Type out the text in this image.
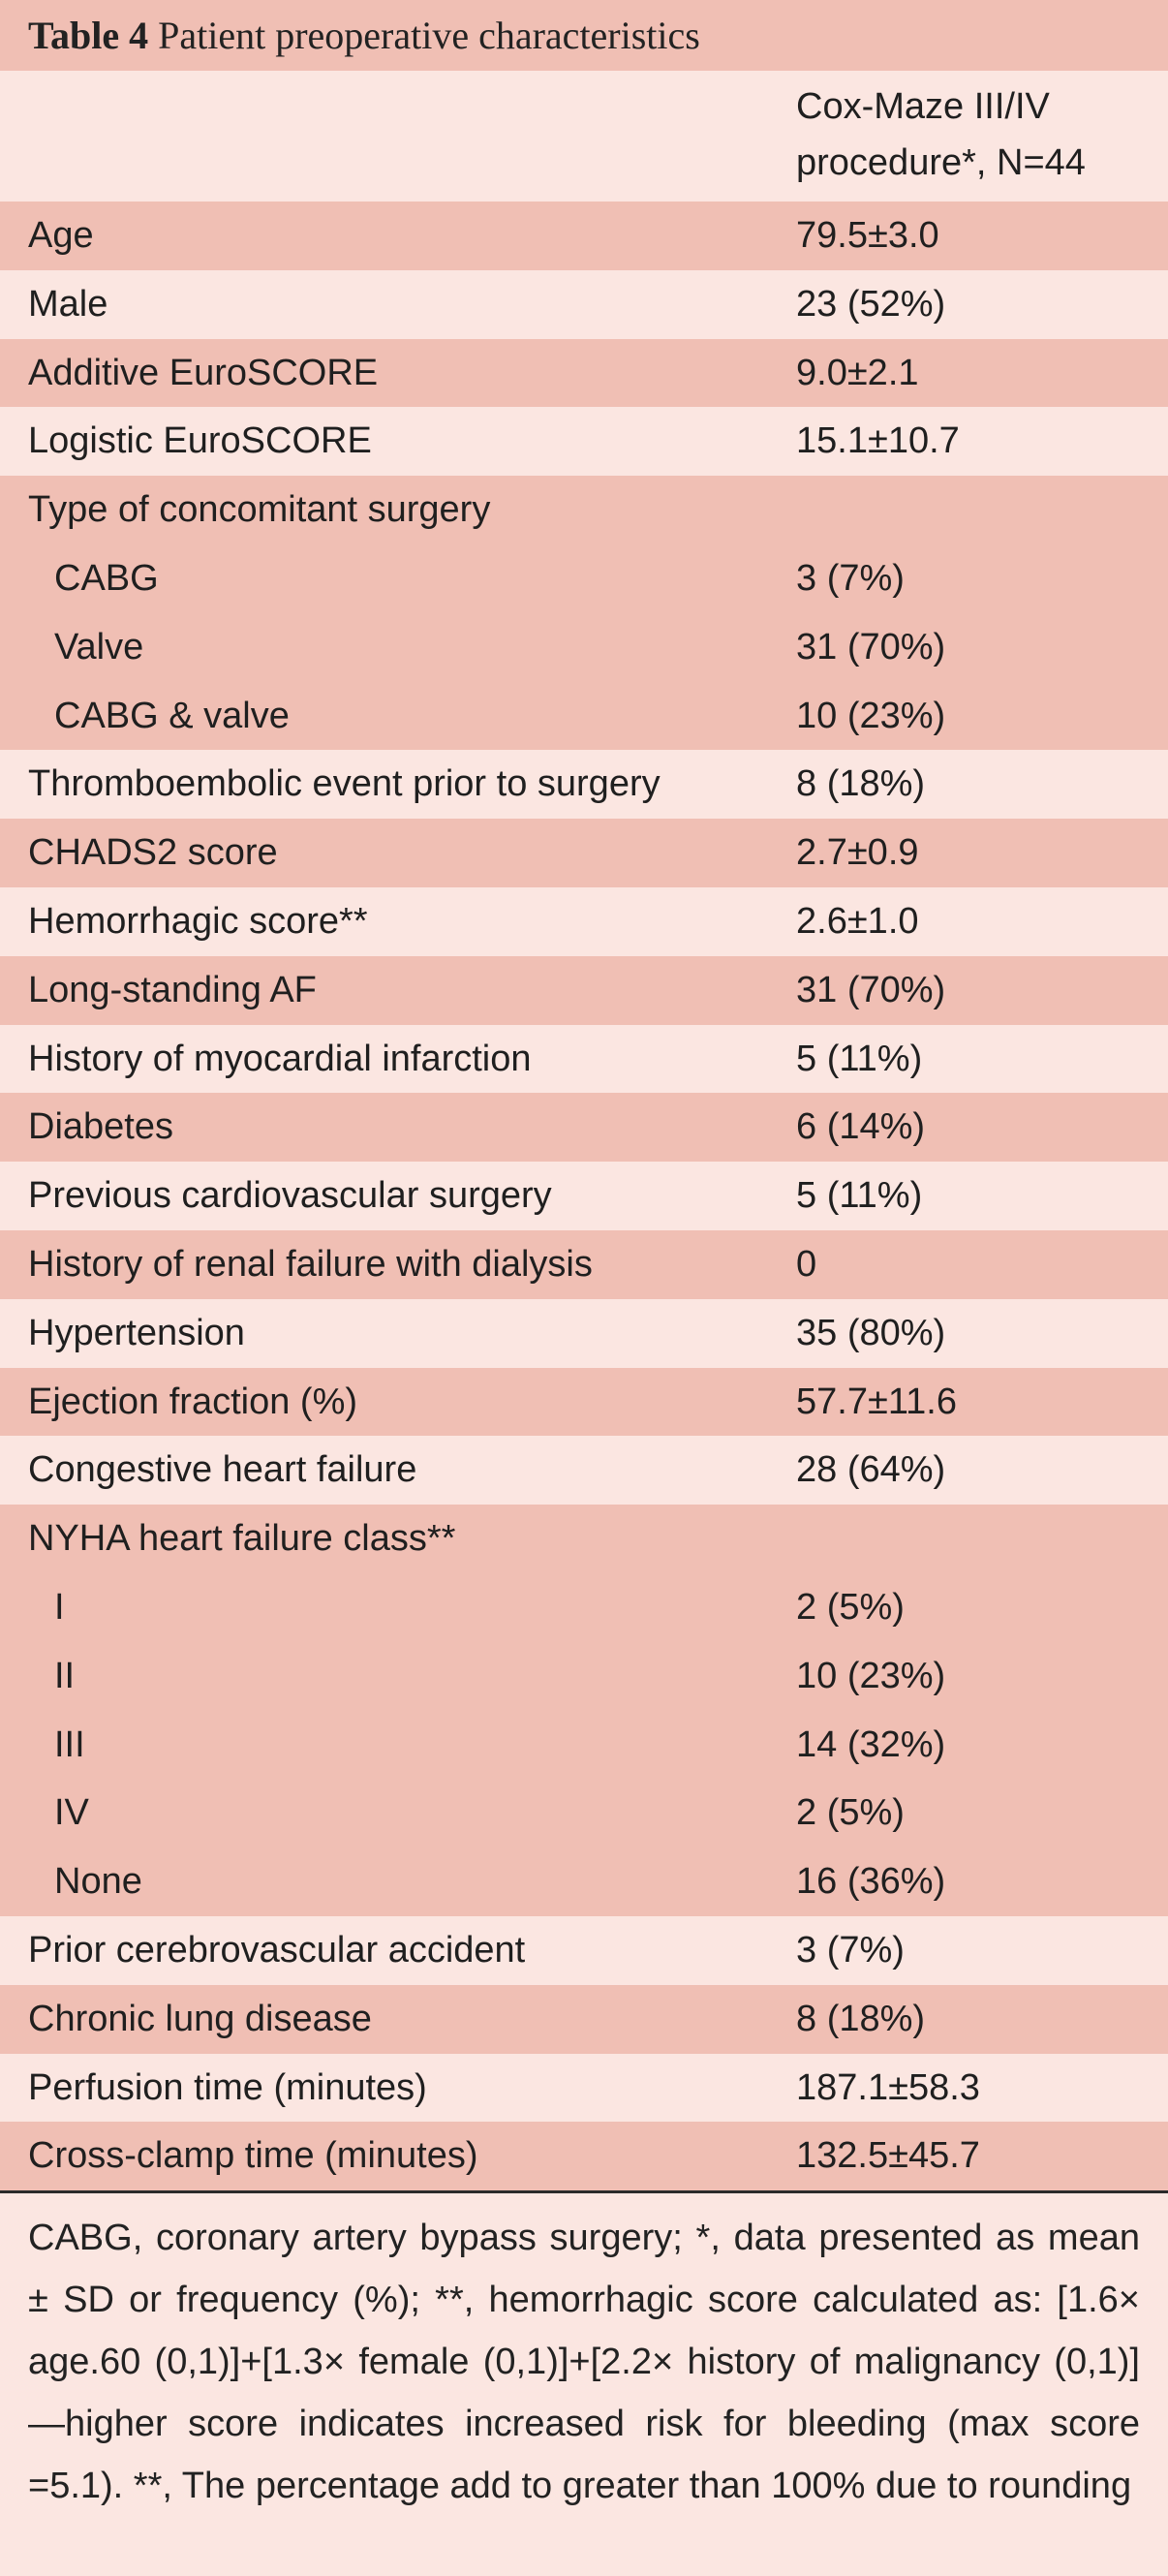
Table 4 Patient preoperative characteristics
Cox-Maze III/IV procedure*, N=44
Age	79.5±3.0
Male	23 (52%)
Additive EuroSCORE	9.0±2.1
Logistic EuroSCORE	15.1±10.7
Type of concomitant surgery
CABG	3 (7%)
Valve	31 (70%)
CABG & valve	10 (23%)
Thromboembolic event prior to surgery	8 (18%)
CHADS2 score	2.7±0.9
Hemorrhagic score**	2.6±1.0
Long-standing AF	31 (70%)
History of myocardial infarction	5 (11%)
Diabetes	6 (14%)
Previous cardiovascular surgery	5 (11%)
History of renal failure with dialysis	0
Hypertension	35 (80%)
Ejection fraction (%)	57.7±11.6
Congestive heart failure	28 (64%)
NYHA heart failure class**
I	2 (5%)
II	10 (23%)
III	14 (32%)
IV	2 (5%)
None	16 (36%)
Prior cerebrovascular accident	3 (7%)
Chronic lung disease	8 (18%)
Perfusion time (minutes)	187.1±58.3
Cross-clamp time (minutes)	132.5±45.7
CABG, coronary artery bypass surgery; *, data presented as mean ± SD or frequency (%); **, hemorrhagic score calculated as: [1.6× age.60 (0,1)]+[1.3× female (0,1)]+[2.2× history of malignancy (0,1)]—higher score indicates increased risk for bleeding (max score =5.1). **, The percentage add to greater than 100% due to rounding
